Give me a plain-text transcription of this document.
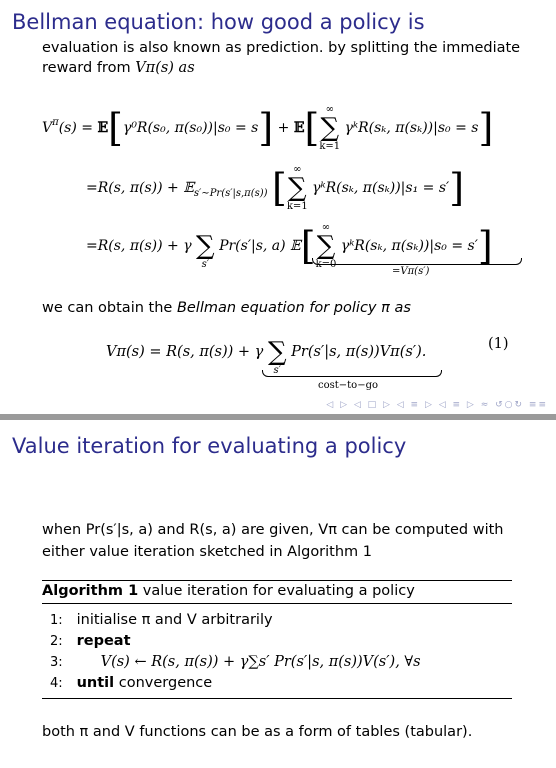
Bellman equation: how good a policy is
evaluation is also known as prediction. by splitting the immediate
reward from Vπ(s) as
$V^\pi(s)$ = 𝔼[γ⁰R(s₀, π(s₀))|s₀ = s] + 𝔼[ ∞
∑
k=1
γᵏR(sₖ, π(sₖ))|s₀ = s]
=R(s, π(s)) + 𝔼$_{s'\sim Pr(s'|s,\pi(s))}$ [ ∞
∑
k=1
γᵏR(sₖ, π(sₖ))|s₁ = s′]
=R(s, π(s)) + γ
∑
s′
Pr(s′|s, a) 𝔼[ ∞
∑
k=0
γᵏR(sₖ, π(sₖ))|s₀ = s′]
=Vπ(s′)
we can obtain the Bellman equation for policy π as
Vπ(s) = R(s, π(s)) + γ
∑
s′
Pr(s′|s, π(s))Vπ(s′).	(1)
cost−to−go
◁ ▷ ◁ □ ▷ ◁ ≡ ▷ ◁ ≡ ▷ ≈ ↺○↻ ≡≡
Value iteration for evaluating a policy
when Pr(s′|s, a) and R(s, a) are given, Vπ can be computed with
either value iteration sketched in Algorithm 1
Algorithm 1 value iteration for evaluating a policy
1: initialise π and V arbitrarily
2: repeat
3:	V(s) ← R(s, π(s)) + γ∑s′ Pr(s′|s, π(s))V(s′), ∀s
4: until convergence
both π and V functions can be as a form of tables (tabular).
